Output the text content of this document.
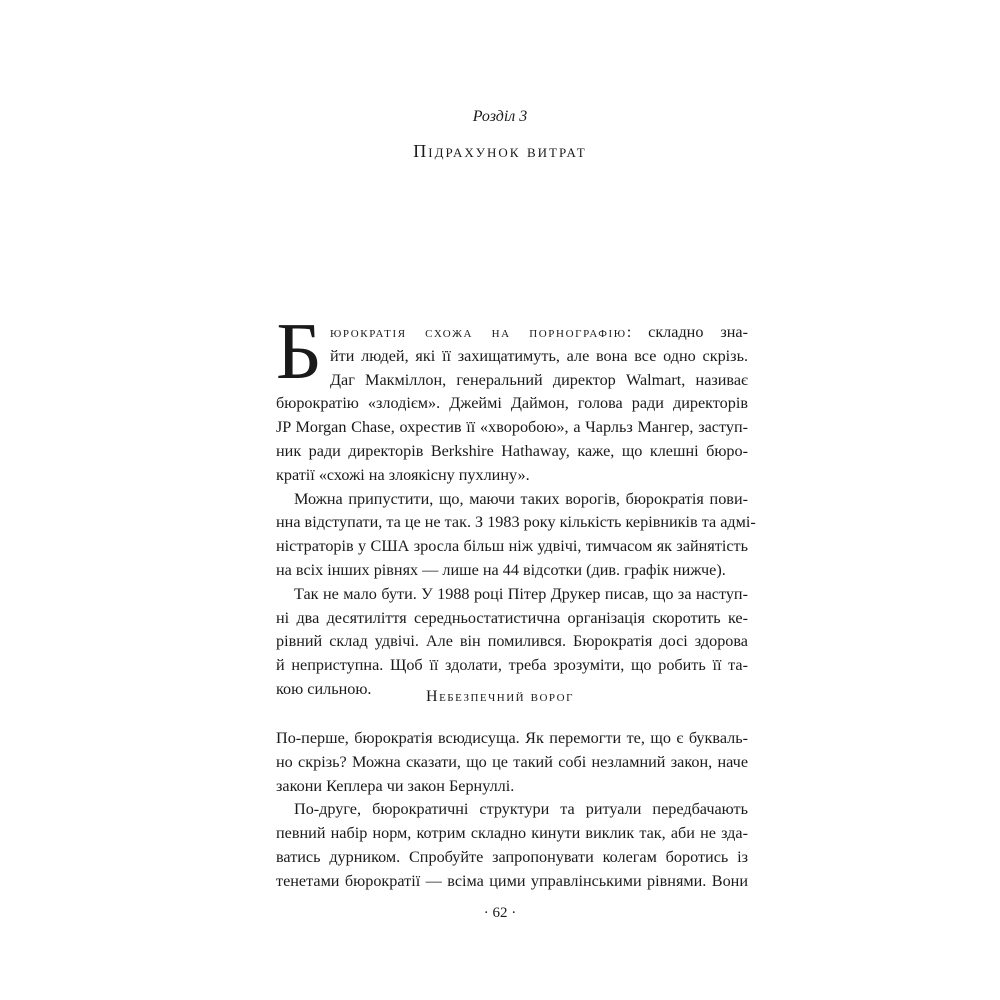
Розділ 3
Підрахунок витрат
Б юрократія схожа на порнографію: складно зна-
йти людей, які її захищатимуть, але вона все одно скрізь.
Даг Макміллон, генеральний директор Walmart, називає
бюрократію «злодієм». Джеймі Даймон, голова ради директорів
JP Morgan Chase, охрестив її «хворобою», а Чарльз Мангер, заступ-
ник ради директорів Berkshire Hathaway, каже, що клешні бюро-
кратії «схожі на злоякісну пухлину».
Можна припустити, що, маючи таких ворогів, бюрократія пови-
нна відступати, та це не так. З 1983 року кількість керівників та адмі-
ністраторів у США зросла більш ніж удвічі, тимчасом як зайнятість
на всіх інших рівнях — лише на 44 відсотки (див. графік нижче).
Так не мало бути. У 1988 році Пітер Друкер писав, що за наступ-
ні два десятиліття середньостатистична організація скоротить ке-
рівний склад удвічі. Але він помилився. Бюрократія досі здорова
й неприступна. Щоб її здолати, треба зрозуміти, що робить її та-
кою сильною.	Небезпечний ворог
По-перше, бюрократія всюдисуща. Як перемогти те, що є букваль-
но скрізь? Можна сказати, що це такий собі незламний закон, наче
закони Кеплера чи закон Бернуллі.
По-друге, бюрократичні структури та ритуали передбачають
певний набір норм, котрим складно кинути виклик так, аби не зда-
ватись дурником. Спробуйте запропонувати колегам боротись із
тенетами бюрократії — всіма цими управлінськими рівнями. Вони
· 62 ·
